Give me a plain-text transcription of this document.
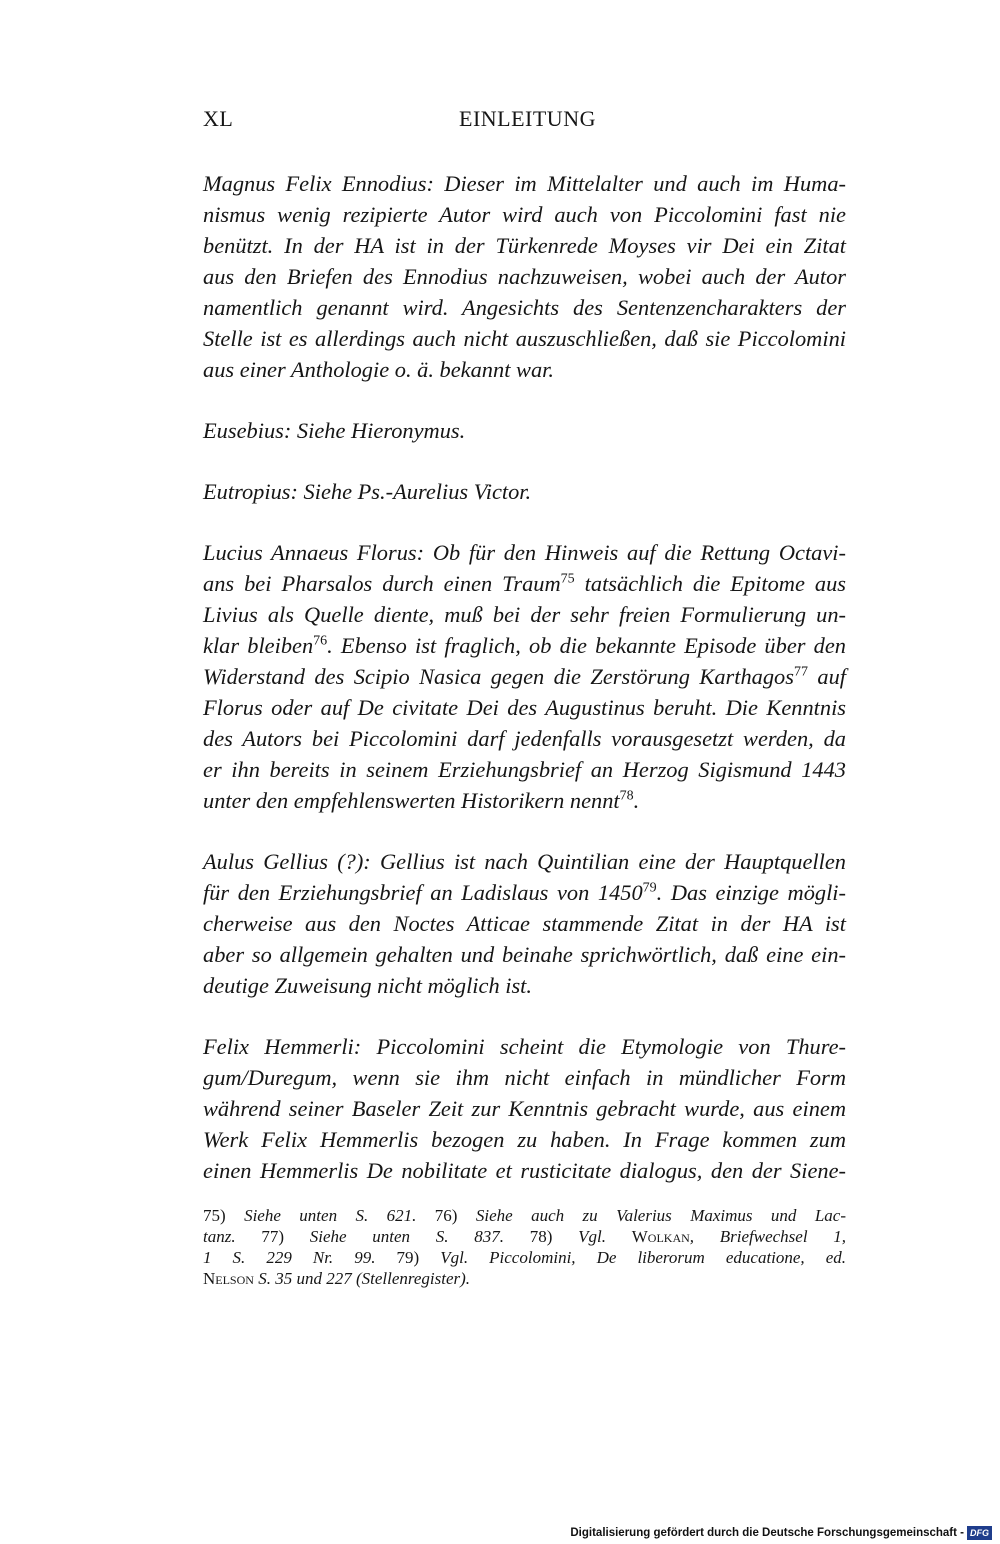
XL	EINLEITUNG
Magnus Felix Ennodius: Dieser im Mittelalter und auch im Huma-
nismus wenig rezipierte Autor wird auch von Piccolomini fast nie
benützt. In der HA ist in der Türkenrede Moyses vir Dei ein Zitat
aus den Briefen des Ennodius nachzuweisen, wobei auch der Autor
namentlich genannt wird. Angesichts des Sentenzencharakters der
Stelle ist es allerdings auch nicht auszuschließen, daß sie Piccolomini
aus einer Anthologie o. ä. bekannt war.
Eusebius: Siehe Hieronymus.
Eutropius: Siehe Ps.-Aurelius Victor.
Lucius Annaeus Florus: Ob für den Hinweis auf die Rettung Octavi-
ans bei Pharsalos durch einen Traum$^{75}$ tatsächlich die Epitome aus
Livius als Quelle diente, muß bei der sehr freien Formulierung un-
klar bleiben$^{76}$. Ebenso ist fraglich, ob die bekannte Episode über den
Widerstand des Scipio Nasica gegen die Zerstörung Karthagos$^{77}$ auf
Florus oder auf De civitate Dei des Augustinus beruht. Die Kenntnis
des Autors bei Piccolomini darf jedenfalls vorausgesetzt werden, da
er ihn bereits in seinem Erziehungsbrief an Herzog Sigismund 1443
unter den empfehlenswerten Historikern nennt$^{78}$.
Aulus Gellius (?): Gellius ist nach Quintilian eine der Hauptquellen
für den Erziehungsbrief an Ladislaus von 1450$^{79}$. Das einzige mögli-
cherweise aus den Noctes Atticae stammende Zitat in der HA ist
aber so allgemein gehalten und beinahe sprichwörtlich, daß eine ein-
deutige Zuweisung nicht möglich ist.
Felix Hemmerli: Piccolomini scheint die Etymologie von Thure-
gum/Duregum, wenn sie ihm nicht einfach in mündlicher Form
während seiner Baseler Zeit zur Kenntnis gebracht wurde, aus einem
Werk Felix Hemmerlis bezogen zu haben. In Frage kommen zum
einen Hemmerlis De nobilitate et rusticitate dialogus, den der Siene-
75) Siehe unten S. 621. 76) Siehe auch zu Valerius Maximus und Lac-
tanz. 77) Siehe unten S. 837. 78) Vgl. Wolkan, Briefwechsel 1,
1 S. 229 Nr. 99. 79) Vgl. Piccolomini, De liberorum educatione, ed.
Nelson S. 35 und 227 (Stellenregister).
Digitalisierung gefördert durch die Deutsche Forschungsgemeinschaft - DFG
